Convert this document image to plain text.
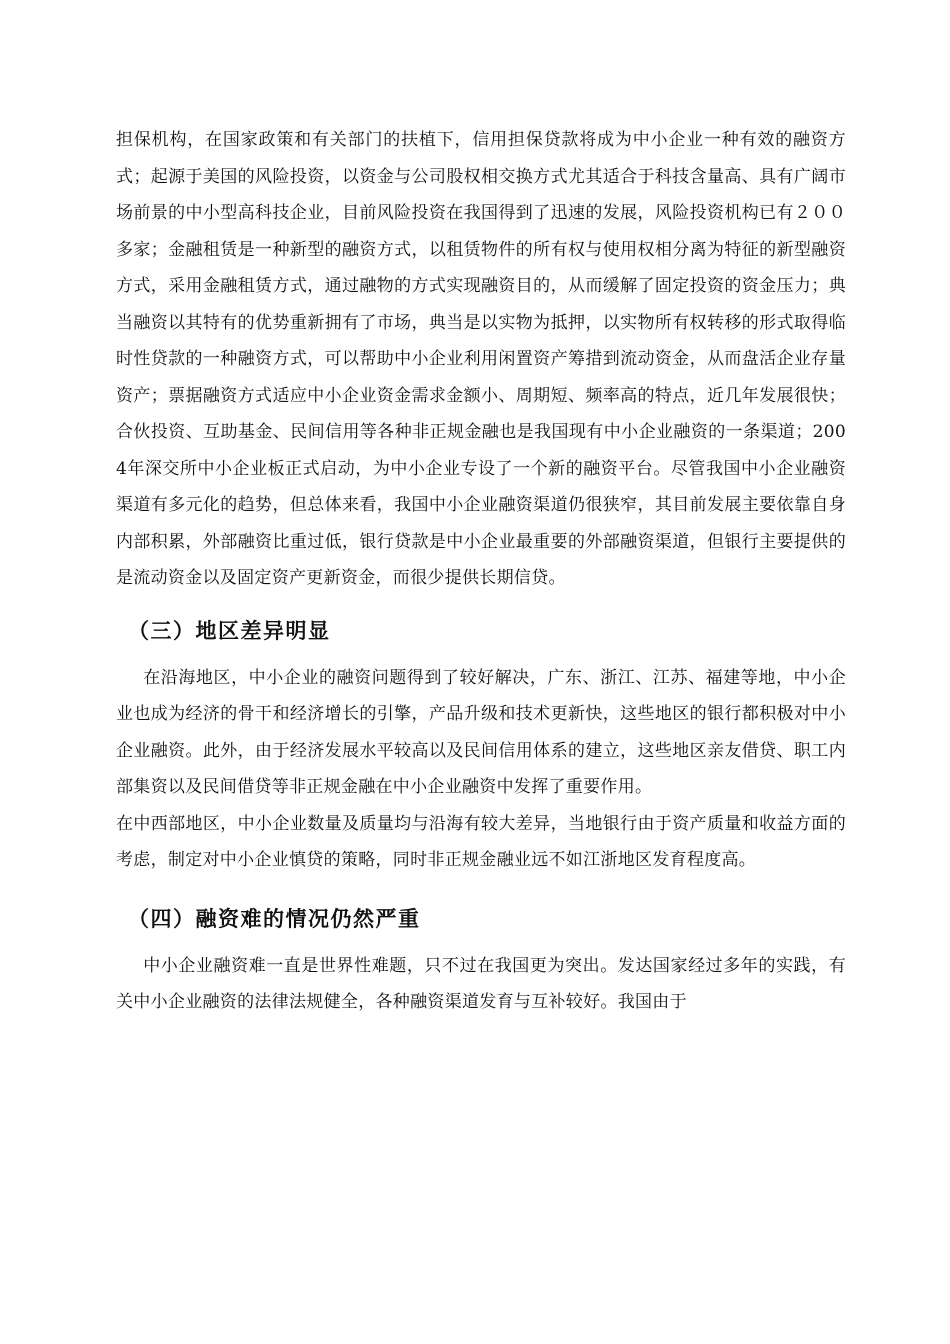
担保机构，在国家政策和有关部门的扶植下，信用担保贷款将成为中小企业一种有效的融资方式；起源于美国的风险投资，以资金与公司股权相交换方式尤其适合于科技含量高、具有广阔市场前景的中小型高科技企业，目前风险投资在我国得到了迅速的发展，风险投资机构已有２００多家；金融租赁是一种新型的融资方式，以租赁物件的所有权与使用权相分离为特征的新型融资方式，采用金融租赁方式，通过融物的方式实现融资目的，从而缓解了固定投资的资金压力；典当融资以其特有的优势重新拥有了市场，典当是以实物为抵押，以实物所有权转移的形式取得临时性贷款的一种融资方式，可以帮助中小企业利用闲置资产筹措到流动资金，从而盘活企业存量资产；票据融资方式适应中小企业资金需求金额小、周期短、频率高的特点，近几年发展很快；合伙投资、互助基金、民间信用等各种非正规金融也是我国现有中小企业融资的一条渠道；2004年深交所中小企业板正式启动，为中小企业专设了一个新的融资平台。尽管我国中小企业融资渠道有多元化的趋势，但总体来看，我国中小企业融资渠道仍很狭窄，其目前发展主要依靠自身内部积累，外部融资比重过低，银行贷款是中小企业最重要的外部融资渠道，但银行主要提供的是流动资金以及固定资产更新资金，而很少提供长期信贷。

（三）地区差异明显

在沿海地区，中小企业的融资问题得到了较好解决，广东、浙江、江苏、福建等地，中小企业也成为经济的骨干和经济增长的引擎，产品升级和技术更新快，这些地区的银行都积极对中小企业融资。此外，由于经济发展水平较高以及民间信用体系的建立，这些地区亲友借贷、职工内部集资以及民间借贷等非正规金融在中小企业融资中发挥了重要作用。

在中西部地区，中小企业数量及质量均与沿海有较大差异，当地银行由于资产质量和收益方面的考虑，制定对中小企业慎贷的策略，同时非正规金融业远不如江浙地区发育程度高。

（四）融资难的情况仍然严重

中小企业融资难一直是世界性难题，只不过在我国更为突出。发达国家经过多年的实践，有关中小企业融资的法律法规健全，各种融资渠道发育与互补较好。我国由于
